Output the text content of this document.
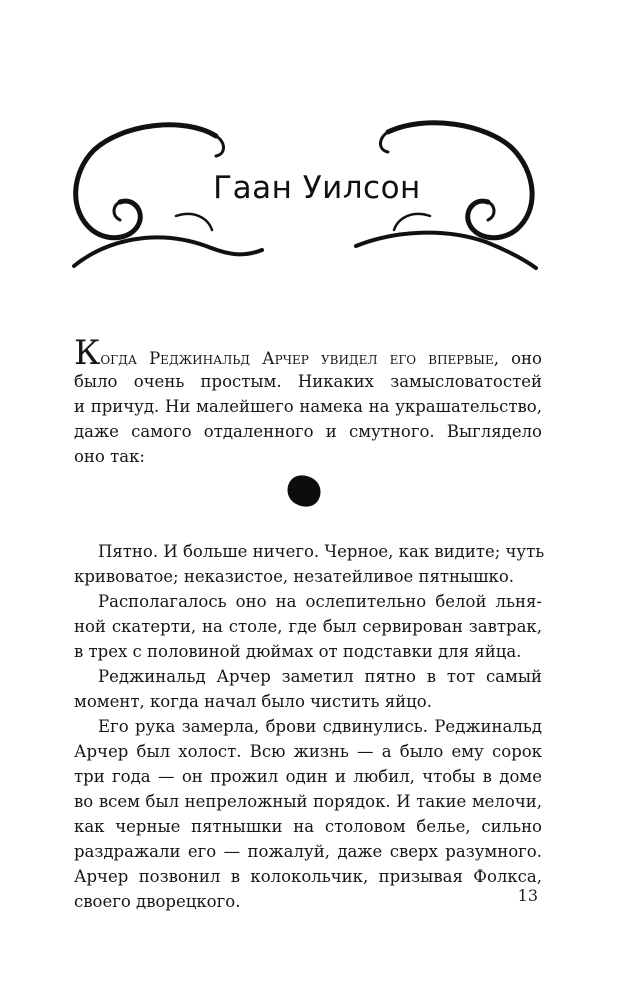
Гаан Уилсон
Когда Реджинальд Арчер увидел его впервые, оно
было очень простым. Никаких замысловатостей
и причуд. Ни малейшего намека на украшательство,
даже самого отдаленного и смутного. Выглядело
оно так:
Пятно. И больше ничего. Черное, как видите; чуть
кривоватое; неказистое, незатейливое пятнышко.
Располагалось оно на ослепительно белой льня-
ной скатерти, на столе, где был сервирован завтрак,
в трех с половиной дюймах от подставки для яйца.
Реджинальд Арчер заметил пятно в тот самый
момент, когда начал было чистить яйцо.
Его рука замерла, брови сдвинулись. Реджинальд
Арчер был холост. Всю жизнь — а было ему сорок
три года — он прожил один и любил, чтобы в доме
во всем был непреложный порядок. И такие мелочи,
как черные пятнышки на столовом белье, сильно
раздражали его — пожалуй, даже сверх разумного.
Арчер позвонил в колокольчик, призывая Фолкса,
своего дворецкого.	13
